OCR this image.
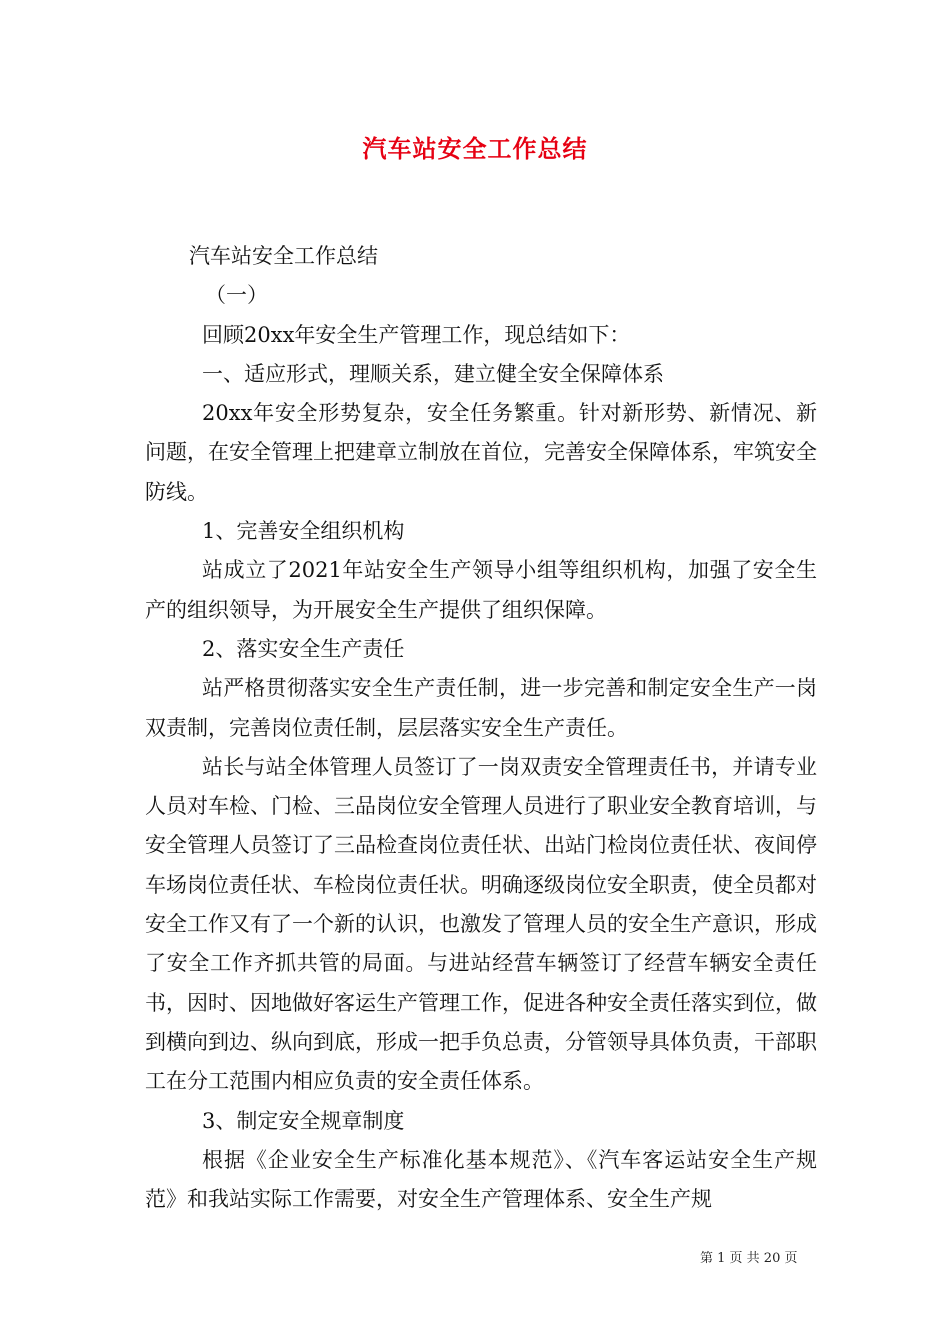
汽车站安全工作总结

汽车站安全工作总结

（一）

回顾20xx年安全生产管理工作，现总结如下：

一、适应形式，理顺关系，建立健全安全保障体系

20xx年安全形势复杂，安全任务繁重。针对新形势、新情况、新问题，在安全管理上把建章立制放在首位，完善安全保障体系，牢筑安全防线。

1、完善安全组织机构

站成立了2021年站安全生产领导小组等组织机构，加强了安全生产的组织领导，为开展安全生产提供了组织保障。

2、落实安全生产责任

站严格贯彻落实安全生产责任制，进一步完善和制定安全生产一岗双责制，完善岗位责任制，层层落实安全生产责任。

站长与站全体管理人员签订了一岗双责安全管理责任书，并请专业人员对车检、门检、三品岗位安全管理人员进行了职业安全教育培训，与安全管理人员签订了三品检查岗位责任状、出站门检岗位责任状、夜间停车场岗位责任状、车检岗位责任状。明确逐级岗位安全职责，使全员都对安全工作又有了一个新的认识，也激发了管理人员的安全生产意识，形成了安全工作齐抓共管的局面。与进站经营车辆签订了经营车辆安全责任书，因时、因地做好客运生产管理工作，促进各种安全责任落实到位，做到横向到边、纵向到底，形成一把手负总责，分管领导具体负责，干部职工在分工范围内相应负责的安全责任体系。

3、制定安全规章制度

根据《企业安全生产标准化基本规范》、《汽车客运站安全生产规范》和我站实际工作需要，对安全生产管理体系、安全生产规

第 1 页 共 20 页
